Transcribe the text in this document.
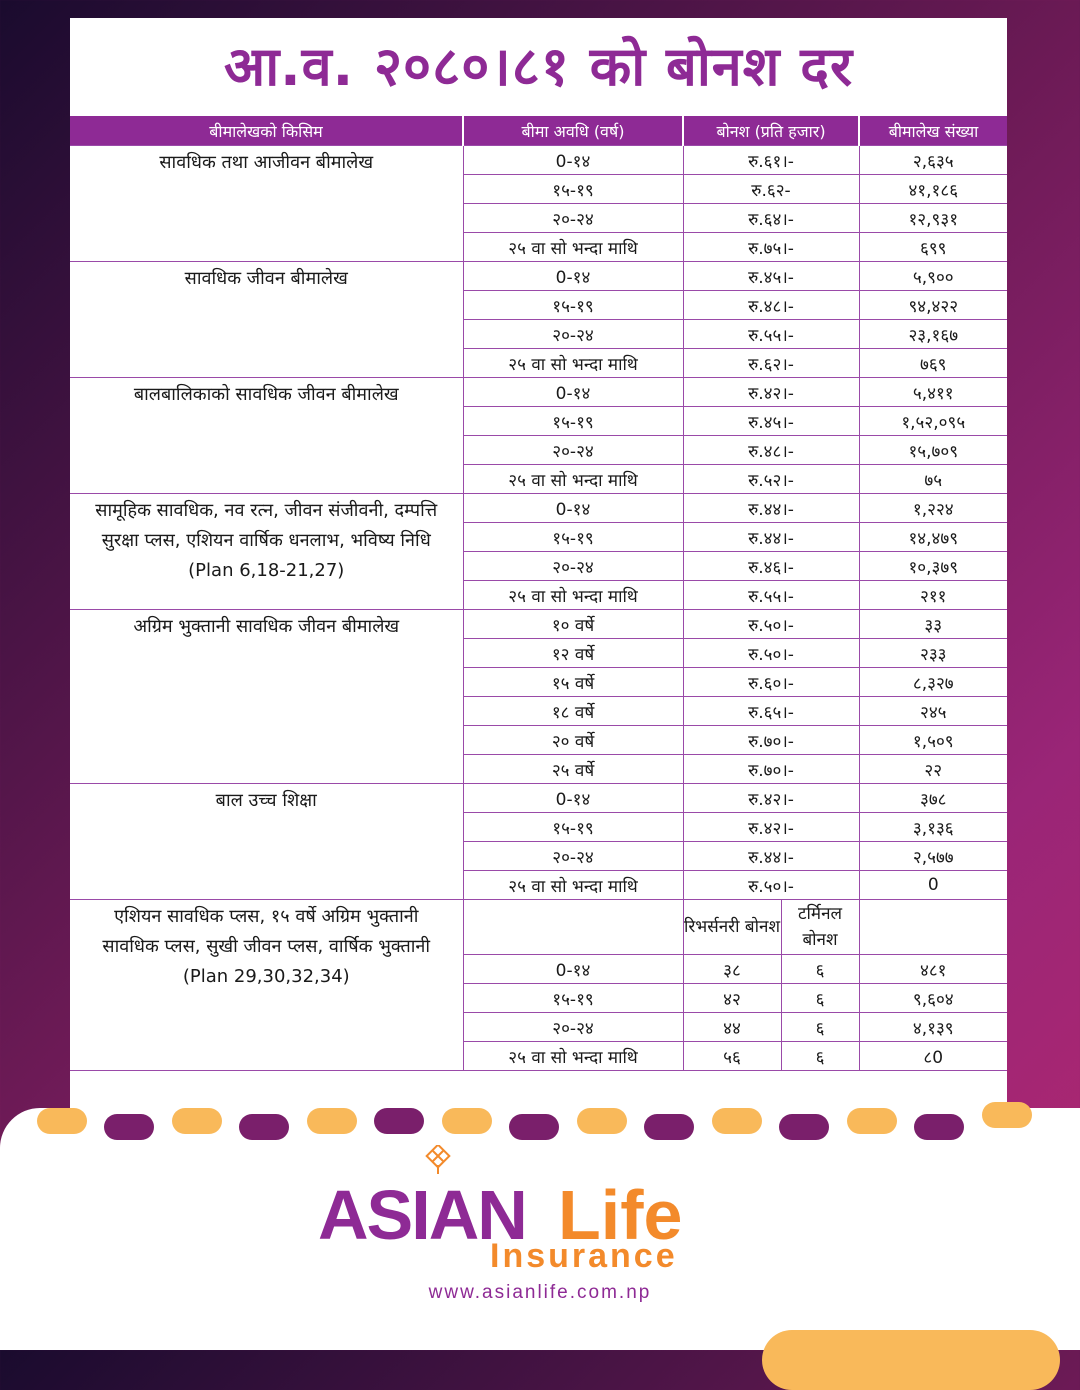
आ.व. २०८०।८१ को बोनश दर
बीमालेखको किसिम	बीमा अवधि (वर्ष)	बोनश (प्रति हजार)		बीमालेख संख्या

सावधिक तथा आजीवन बीमालेख	0-१४	रु.६१।-		२,६३५
	१५-१९	रु.६२-		४१,१८६
	२०-२४	रु.६४।-		१२,९३१
	२५ वा सो भन्दा माथि	रु.७५।-		६९९

सावधिक जीवन बीमालेख	0-१४	रु.४५।-		५,९००
	१५-१९	रु.४८।-		९४,४२२
	२०-२४	रु.५५।-		२३,१६७
	२५ वा सो भन्दा माथि	रु.६२।-		७६९

बालबालिकाको सावधिक जीवन बीमालेख	0-१४	रु.४२।-		५,४११
	१५-१९	रु.४५।-		१,५२,०९५
	२०-२४	रु.४८।-		१५,७०९
	२५ वा सो भन्दा माथि	रु.५२।-		७५

सामूहिक सावधिक, नव रत्न, जीवन संजीवनी, दम्पत्ति सुरक्षा प्लस, एशियन वार्षिक धनलाभ, भविष्य निधि
(Plan 6,18-21,27)	0-१४	रु.४४।-		१,२२४
	१५-१९	रु.४४।-		१४,४७९
	२०-२४	रु.४६।-		१०,३७९
	२५ वा सो भन्दा माथि	रु.५५।-		२११

अग्रिम भुक्तानी सावधिक जीवन बीमालेख	१० वर्षे	रु.५०।-		३३
	१२ वर्षे	रु.५०।-		२३३
	१५ वर्षे	रु.६०।-		८,३२७
	१८ वर्षे	रु.६५।-		२४५
	२० वर्षे	रु.७०।-		१,५०९
	२५ वर्षे	रु.७०।-		२२

बाल उच्च शिक्षा	0-१४	रु.४२।-		३७८
	१५-१९	रु.४२।-		३,१३६
	२०-२४	रु.४४।-		२,५७७
	२५ वा सो भन्दा माथि	रु.५०।-		0

एशियन सावधिक प्लस, १५ वर्षे अग्रिम भुक्तानी सावधिक प्लस, सुखी जीवन प्लस, वार्षिक भुक्तानी
(Plan 29,30,32,34)		रिभर्सनरी बोनश	टर्मिनल बोनश	
	0-१४	३८	६	४८१
	१५-१९	४२	६	९,६०४
	२०-२४	४४	६	४,१३९
	२५ वा सो भन्दा माथि	५६	६	८0
ASIAN Life
Insurance
www.asianlife.com.np
